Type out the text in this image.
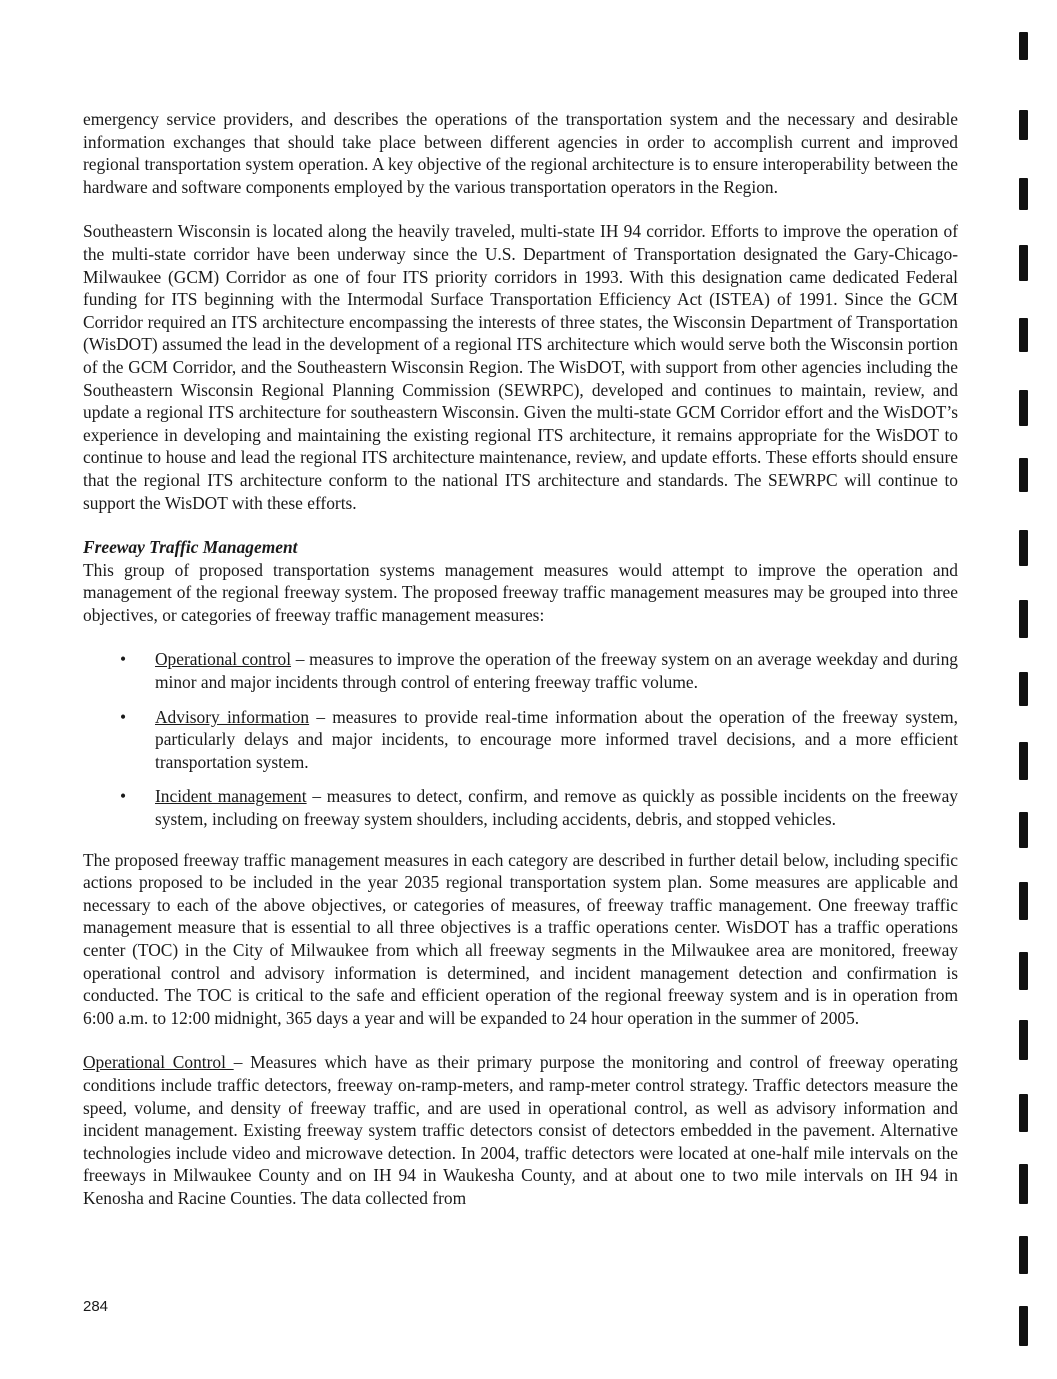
emergency service providers, and describes the operations of the transportation system and the necessary and desirable information exchanges that should take place between different agencies in order to accomplish current and improved regional transportation system operation. A key objective of the regional architecture is to ensure interoperability between the hardware and software components employed by the various transportation operators in the Region.

Southeastern Wisconsin is located along the heavily traveled, multi-state IH 94 corridor. Efforts to improve the operation of the multi-state corridor have been underway since the U.S. Department of Transportation designated the Gary-Chicago-Milwaukee (GCM) Corridor as one of four ITS priority corridors in 1993. With this designation came dedicated Federal funding for ITS beginning with the Intermodal Surface Transportation Efficiency Act (ISTEA) of 1991. Since the GCM Corridor required an ITS architecture encompassing the interests of three states, the Wisconsin Department of Transportation (WisDOT) assumed the lead in the development of a regional ITS architecture which would serve both the Wisconsin portion of the GCM Corridor, and the Southeastern Wisconsin Region. The WisDOT, with support from other agencies including the Southeastern Wisconsin Regional Planning Commission (SEWRPC), developed and continues to maintain, review, and update a regional ITS architecture for southeastern Wisconsin. Given the multi-state GCM Corridor effort and the WisDOT’s experience in developing and maintaining the existing regional ITS architecture, it remains appropriate for the WisDOT to continue to house and lead the regional ITS architecture maintenance, review, and update efforts. These efforts should ensure that the regional ITS architecture conform to the national ITS architecture and standards. The SEWRPC will continue to support the WisDOT with these efforts.

Freeway Traffic Management

This group of proposed transportation systems management measures would attempt to improve the operation and management of the regional freeway system. The proposed freeway traffic management measures may be grouped into three objectives, or categories of freeway traffic management measures:

• Operational control – measures to improve the operation of the freeway system on an average weekday and during minor and major incidents through control of entering freeway traffic volume.
• Advisory information – measures to provide real-time information about the operation of the freeway system, particularly delays and major incidents, to encourage more informed travel decisions, and a more efficient transportation system.
• Incident management – measures to detect, confirm, and remove as quickly as possible incidents on the freeway system, including on freeway system shoulders, including accidents, debris, and stopped vehicles.

The proposed freeway traffic management measures in each category are described in further detail below, including specific actions proposed to be included in the year 2035 regional transportation system plan. Some measures are applicable and necessary to each of the above objectives, or categories of measures, of freeway traffic management. One freeway traffic management measure that is essential to all three objectives is a traffic operations center. WisDOT has a traffic operations center (TOC) in the City of Milwaukee from which all freeway segments in the Milwaukee area are monitored, freeway operational control and advisory information is determined, and incident management detection and confirmation is conducted. The TOC is critical to the safe and efficient operation of the regional freeway system and is in operation from 6:00 a.m. to 12:00 midnight, 365 days a year and will be expanded to 24 hour operation in the summer of 2005.

Operational Control – Measures which have as their primary purpose the monitoring and control of freeway operating conditions include traffic detectors, freeway on-ramp-meters, and ramp-meter control strategy. Traffic detectors measure the speed, volume, and density of freeway traffic, and are used in operational control, as well as advisory information and incident management. Existing freeway system traffic detectors consist of detectors embedded in the pavement. Alternative technologies include video and microwave detection. In 2004, traffic detectors were located at one-half mile intervals on the freeways in Milwaukee County and on IH 94 in Waukesha County, and at about one to two mile intervals on IH 94 in Kenosha and Racine Counties. The data collected from

284
